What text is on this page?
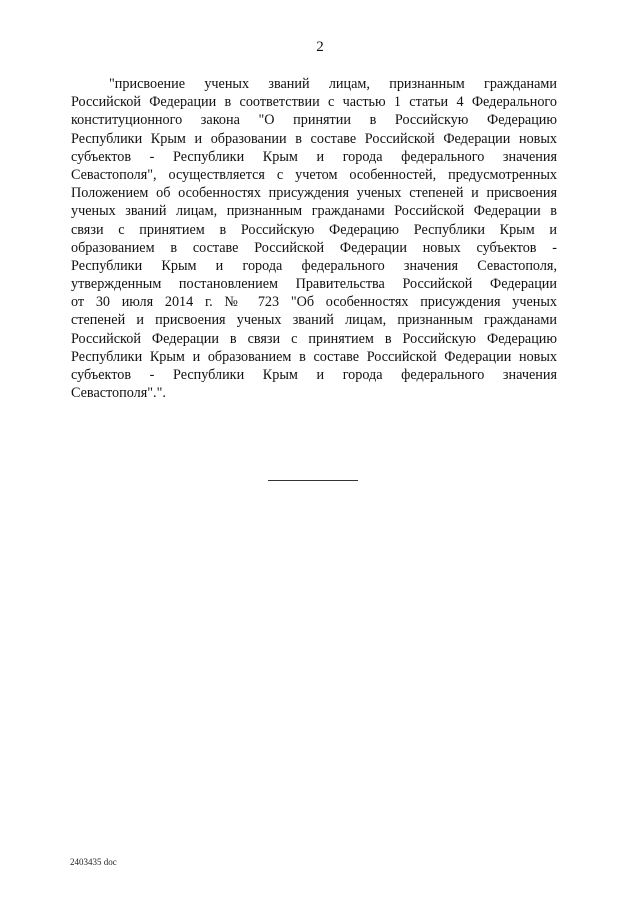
2
"присвоение ученых званий лицам, признанным гражданами
Российской Федерации в соответствии с частью 1 статьи 4 Федерального
конституционного закона "О принятии в Российскую Федерацию
Республики Крым и образовании в составе Российской Федерации новых
субъектов - Республики Крым и города федерального значения
Севастополя", осуществляется с учетом особенностей, предусмотренных
Положением об особенностях присуждения ученых степеней и присвоения
ученых званий лицам, признанным гражданами Российской Федерации в
связи с принятием в Российскую Федерацию Республики Крым и
образованием в составе Российской Федерации новых субъектов -
Республики Крым и города федерального значения Севастополя,
утвержденным постановлением Правительства Российской Федерации
от 30 июля 2014 г. № 723 "Об особенностях присуждения ученых
степеней и присвоения ученых званий лицам, признанным гражданами
Российской Федерации в связи с принятием в Российскую Федерацию
Республики Крым и образованием в составе Российской Федерации новых
субъектов - Республики Крым и города федерального значения
Севастополя".".
2403435 doc
